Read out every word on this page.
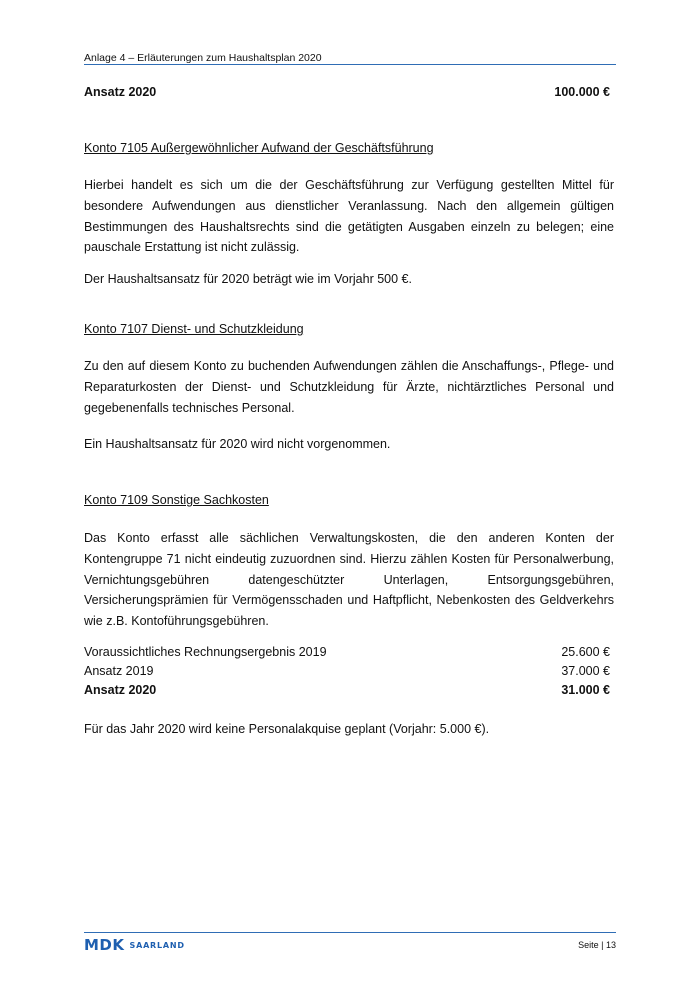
Anlage 4 – Erläuterungen zum Haushaltsplan 2020
Ansatz 2020	100.000 €
Konto 7105 Außergewöhnlicher Aufwand der Geschäftsführung

Hierbei handelt es sich um die der Geschäftsführung zur Verfügung gestellten Mittel für besondere Aufwendungen aus dienstlicher Veranlassung. Nach den allgemein gültigen Bestimmungen des Haushaltsrechts sind die getätigten Ausgaben einzeln zu belegen; eine pauschale Erstattung ist nicht zulässig.

Der Haushaltsansatz für 2020 beträgt wie im Vorjahr 500 €.

Konto 7107 Dienst- und Schutzkleidung

Zu den auf diesem Konto zu buchenden Aufwendungen zählen die Anschaffungs-, Pflege- und Reparaturkosten der Dienst- und Schutzkleidung für Ärzte, nichtärztliches Personal und gegebenenfalls technisches Personal.

Ein Haushaltsansatz für 2020 wird nicht vorgenommen.

Konto 7109 Sonstige Sachkosten

Das Konto erfasst alle sächlichen Verwaltungskosten, die den anderen Konten der Kontengruppe 71 nicht eindeutig zuzuordnen sind. Hierzu zählen Kosten für Personalwerbung, Vernichtungsgebühren datengeschützter Unterlagen, Entsorgungsgebühren, Versicherungsprämien für Vermögensschaden und Haftpflicht, Nebenkosten des Geldverkehrs wie z.B. Kontoführungsgebühren.

Voraussichtliches Rechnungsergebnis 2019	25.600 €
Ansatz 2019	37.000 €
Ansatz 2020	31.000 €

Für das Jahr 2020 wird keine Personalakquise geplant (Vorjahr: 5.000 €).

MDK SAARLAND	Seite | 13
